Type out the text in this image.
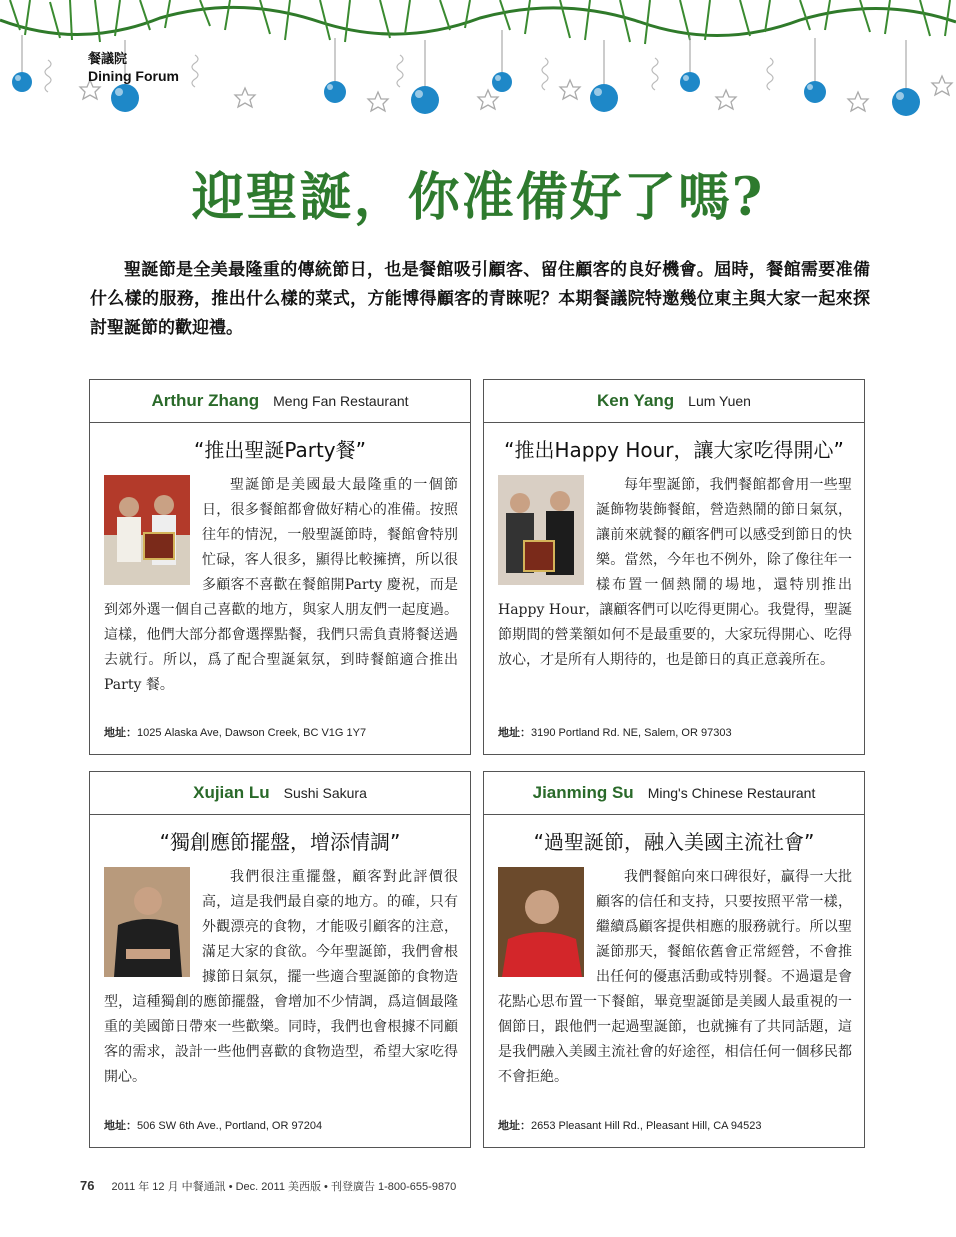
餐議院
Dining Forum
迎聖誕，你准備好了嗎?
聖誕節是全美最隆重的傳統節日，也是餐館吸引顧客、留住顧客的良好機會。屆時，餐館需要准備什么樣的服務，推出什么樣的菜式，方能博得顧客的青睞呢？本期餐議院特邀幾位東主與大家一起來探討聖誕節的歡迎禮。
Arthur Zhang Meng Fan Restaurant
“推出聖誕Party餐”
聖誕節是美國最大最隆重的一個節日，很多餐館都會做好精心的准備。按照往年的情況，一般聖誕節時，餐館會特別忙碌，客人很多，顯得比較擁擠，所以很多顧客不喜歡在餐館開Party 慶祝，而是到郊外選一個自己喜歡的地方，與家人朋友們一起度過。這樣，他們大部分都會選擇點餐，我們只需負責將餐送過去就行。所以，爲了配合聖誕氣氛，到時餐館適合推出 Party 餐。
地址：1025 Alaska Ave, Dawson Creek, BC V1G 1Y7
Ken Yang Lum Yuen
“推出Happy Hour，讓大家吃得開心”
每年聖誕節，我們餐館都會用一些聖誕飾物裝飾餐館，營造熱鬧的節日氣氛，讓前來就餐的顧客們可以感受到節日的快樂。當然，今年也不例外，除了像往年一樣布置一個熱鬧的場地，還特別推出 Happy Hour，讓顧客們可以吃得更開心。我覺得，聖誕節期間的營業額如何不是最重要的，大家玩得開心、吃得放心，才是所有人期待的，也是節日的真正意義所在。
地址：3190 Portland Rd. NE, Salem, OR 97303
Xujian Lu Sushi Sakura
“獨創應節擺盤，增添情調”
我們很注重擺盤，顧客對此評價很高，這是我們最自豪的地方。的確，只有外觀漂亮的食物，才能吸引顧客的注意，滿足大家的食欲。今年聖誕節，我們會根據節日氣氛，擺一些適合聖誕節的食物造型，這種獨創的應節擺盤，會增加不少情調，爲這個最隆重的美國節日帶來一些歡樂。同時，我們也會根據不同顧客的需求，設計一些他們喜歡的食物造型，希望大家吃得開心。
地址：506 SW 6th Ave., Portland, OR 97204
Jianming Su Ming's Chinese Restaurant
“過聖誕節，融入美國主流社會”
我們餐館向來口碑很好，贏得一大批顧客的信任和支持，只要按照平常一樣，繼續爲顧客提供相應的服務就行。所以聖誕節那天，餐館依舊會正常經營，不會推出任何的優惠活動或特別餐。不過還是會花點心思布置一下餐館，畢竟聖誕節是美國人最重視的一個節日，跟他們一起過聖誕節，也就擁有了共同話題，這是我們融入美國主流社會的好途徑，相信任何一個移民都不會拒絶。
地址：2653 Pleasant Hill Rd., Pleasant Hill, CA 94523
76 2011 年 12 月 中餐通訊 • Dec. 2011 美西版 • 刊登廣告 1-800-655-9870
